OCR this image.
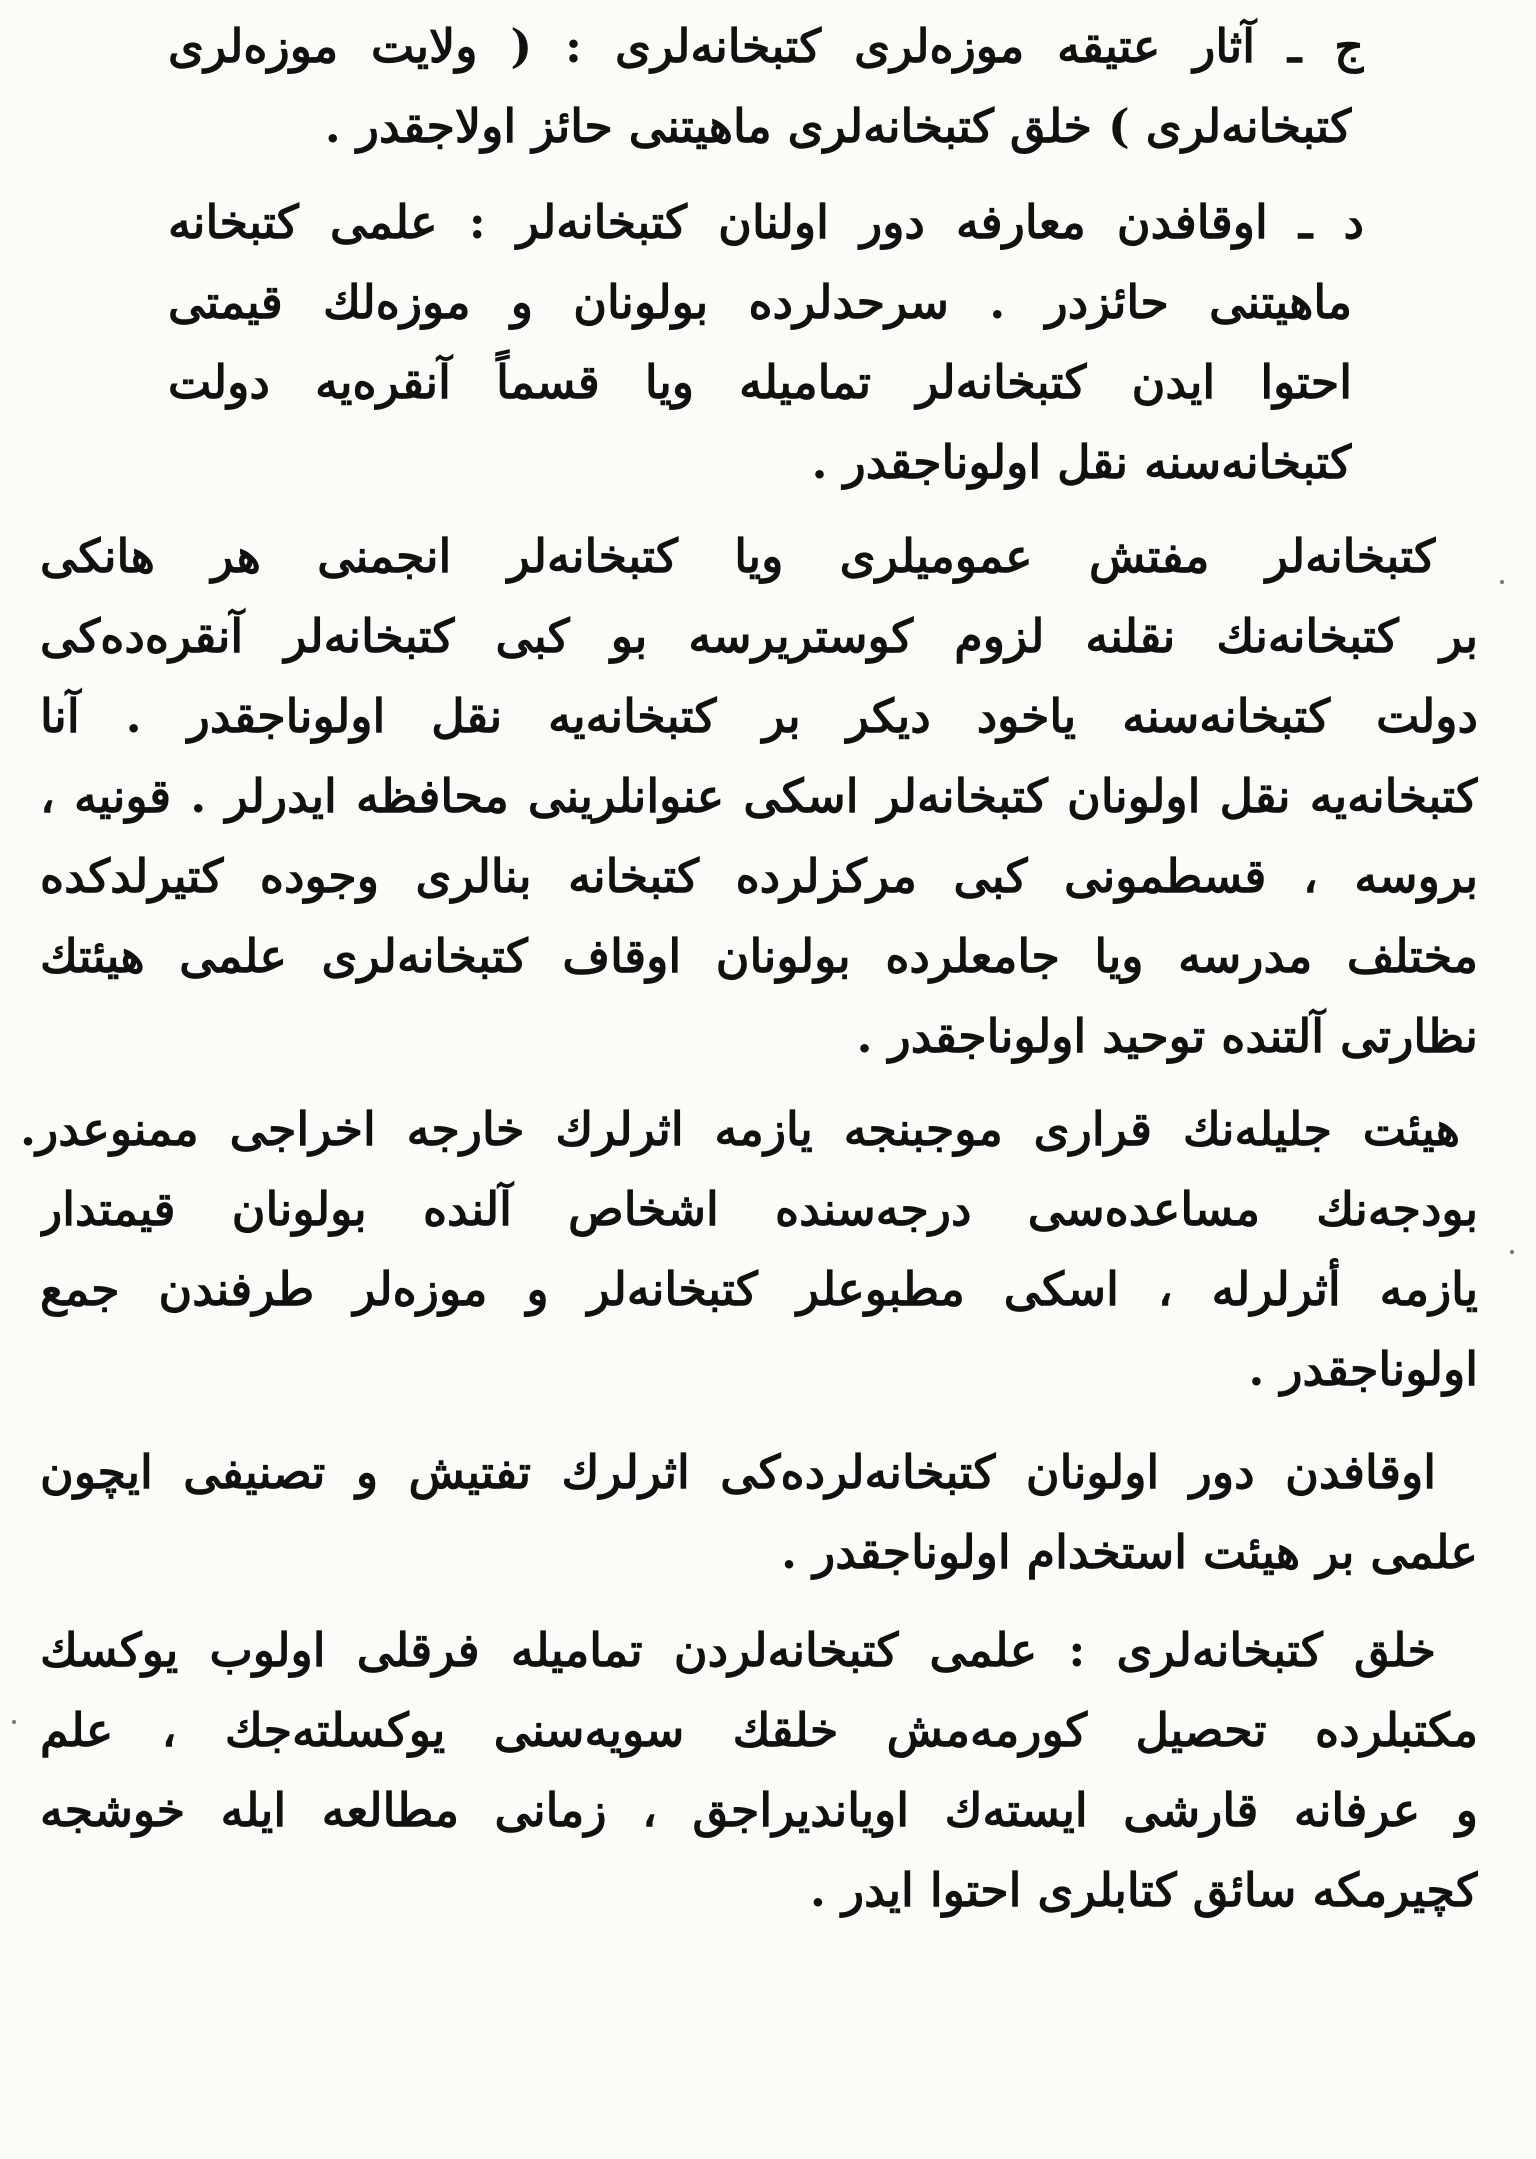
ج ـ آثار عتیقه موزه‌لری کتبخانه‌لری : ( ولایت موزه‌لری
کتبخانه‌لری ) خلق کتبخانه‌لری ماهیتنی حائز اولاجقدر .
د ـ اوقافدن معارفه دور اولنان کتبخانه‌لر : علمی کتبخانه
ماهیتنی حائزدر . سرحدلرده بولونان و موزه‌لك قیمتی
احتوا ایدن کتبخانه‌لر تمامیله ویا قسماً آنقره‌یه دولت
کتبخانه‌سنه نقل اولوناجقدر .
کتبخانه‌لر مفتش عمومیلری ویا کتبخانه‌لر انجمنی هر هانکی
بر کتبخانه‌نك نقلنه لزوم کوستریرسه بو کبی کتبخانه‌لر آنقره‌ده‌کی
دولت کتبخانه‌سنه یاخود دیکر بر کتبخانه‌یه نقل اولوناجقدر . آنا
کتبخانه‌یه نقل اولونان کتبخانه‌لر اسکی عنوانلرینی محافظه ایدرلر . قونیه ،
بروسه ، قسطمونی کبی مرکزلرده کتبخانه بنالری وجوده کتیرلدکده
مختلف مدرسه ویا جامعلرده بولونان اوقاف کتبخانه‌لری علمی هیئتك
نظارتی آلتنده توحید اولوناجقدر .
هیئت جلیله‌نك قراری موجبنجه یازمه اثرلرك خارجه اخراجی ممنوعدر.
بودجه‌نك مساعده‌سی درجه‌سنده اشخاص آلنده بولونان قیمتدار
یازمه أثرلرله ، اسکی مطبوعلر کتبخانه‌لر و موزه‌لر طرفندن جمع
اولوناجقدر .
اوقافدن دور اولونان کتبخانه‌لرده‌کی اثرلرك تفتیش و تصنیفی ایچون
علمی بر هیئت استخدام اولوناجقدر .
خلق کتبخانه‌لری : علمی کتبخانه‌لردن تمامیله فرقلی اولوب یوکسك
مکتبلرده تحصیل کورمه‌مش خلقك سویه‌سنی یوکسلته‌جك ، علم
و عرفانه قارشی ایسته‌ك اویاندیراجق ، زمانی مطالعه ایله خوشجه
کچیرمکه سائق کتابلری احتوا ایدر .
